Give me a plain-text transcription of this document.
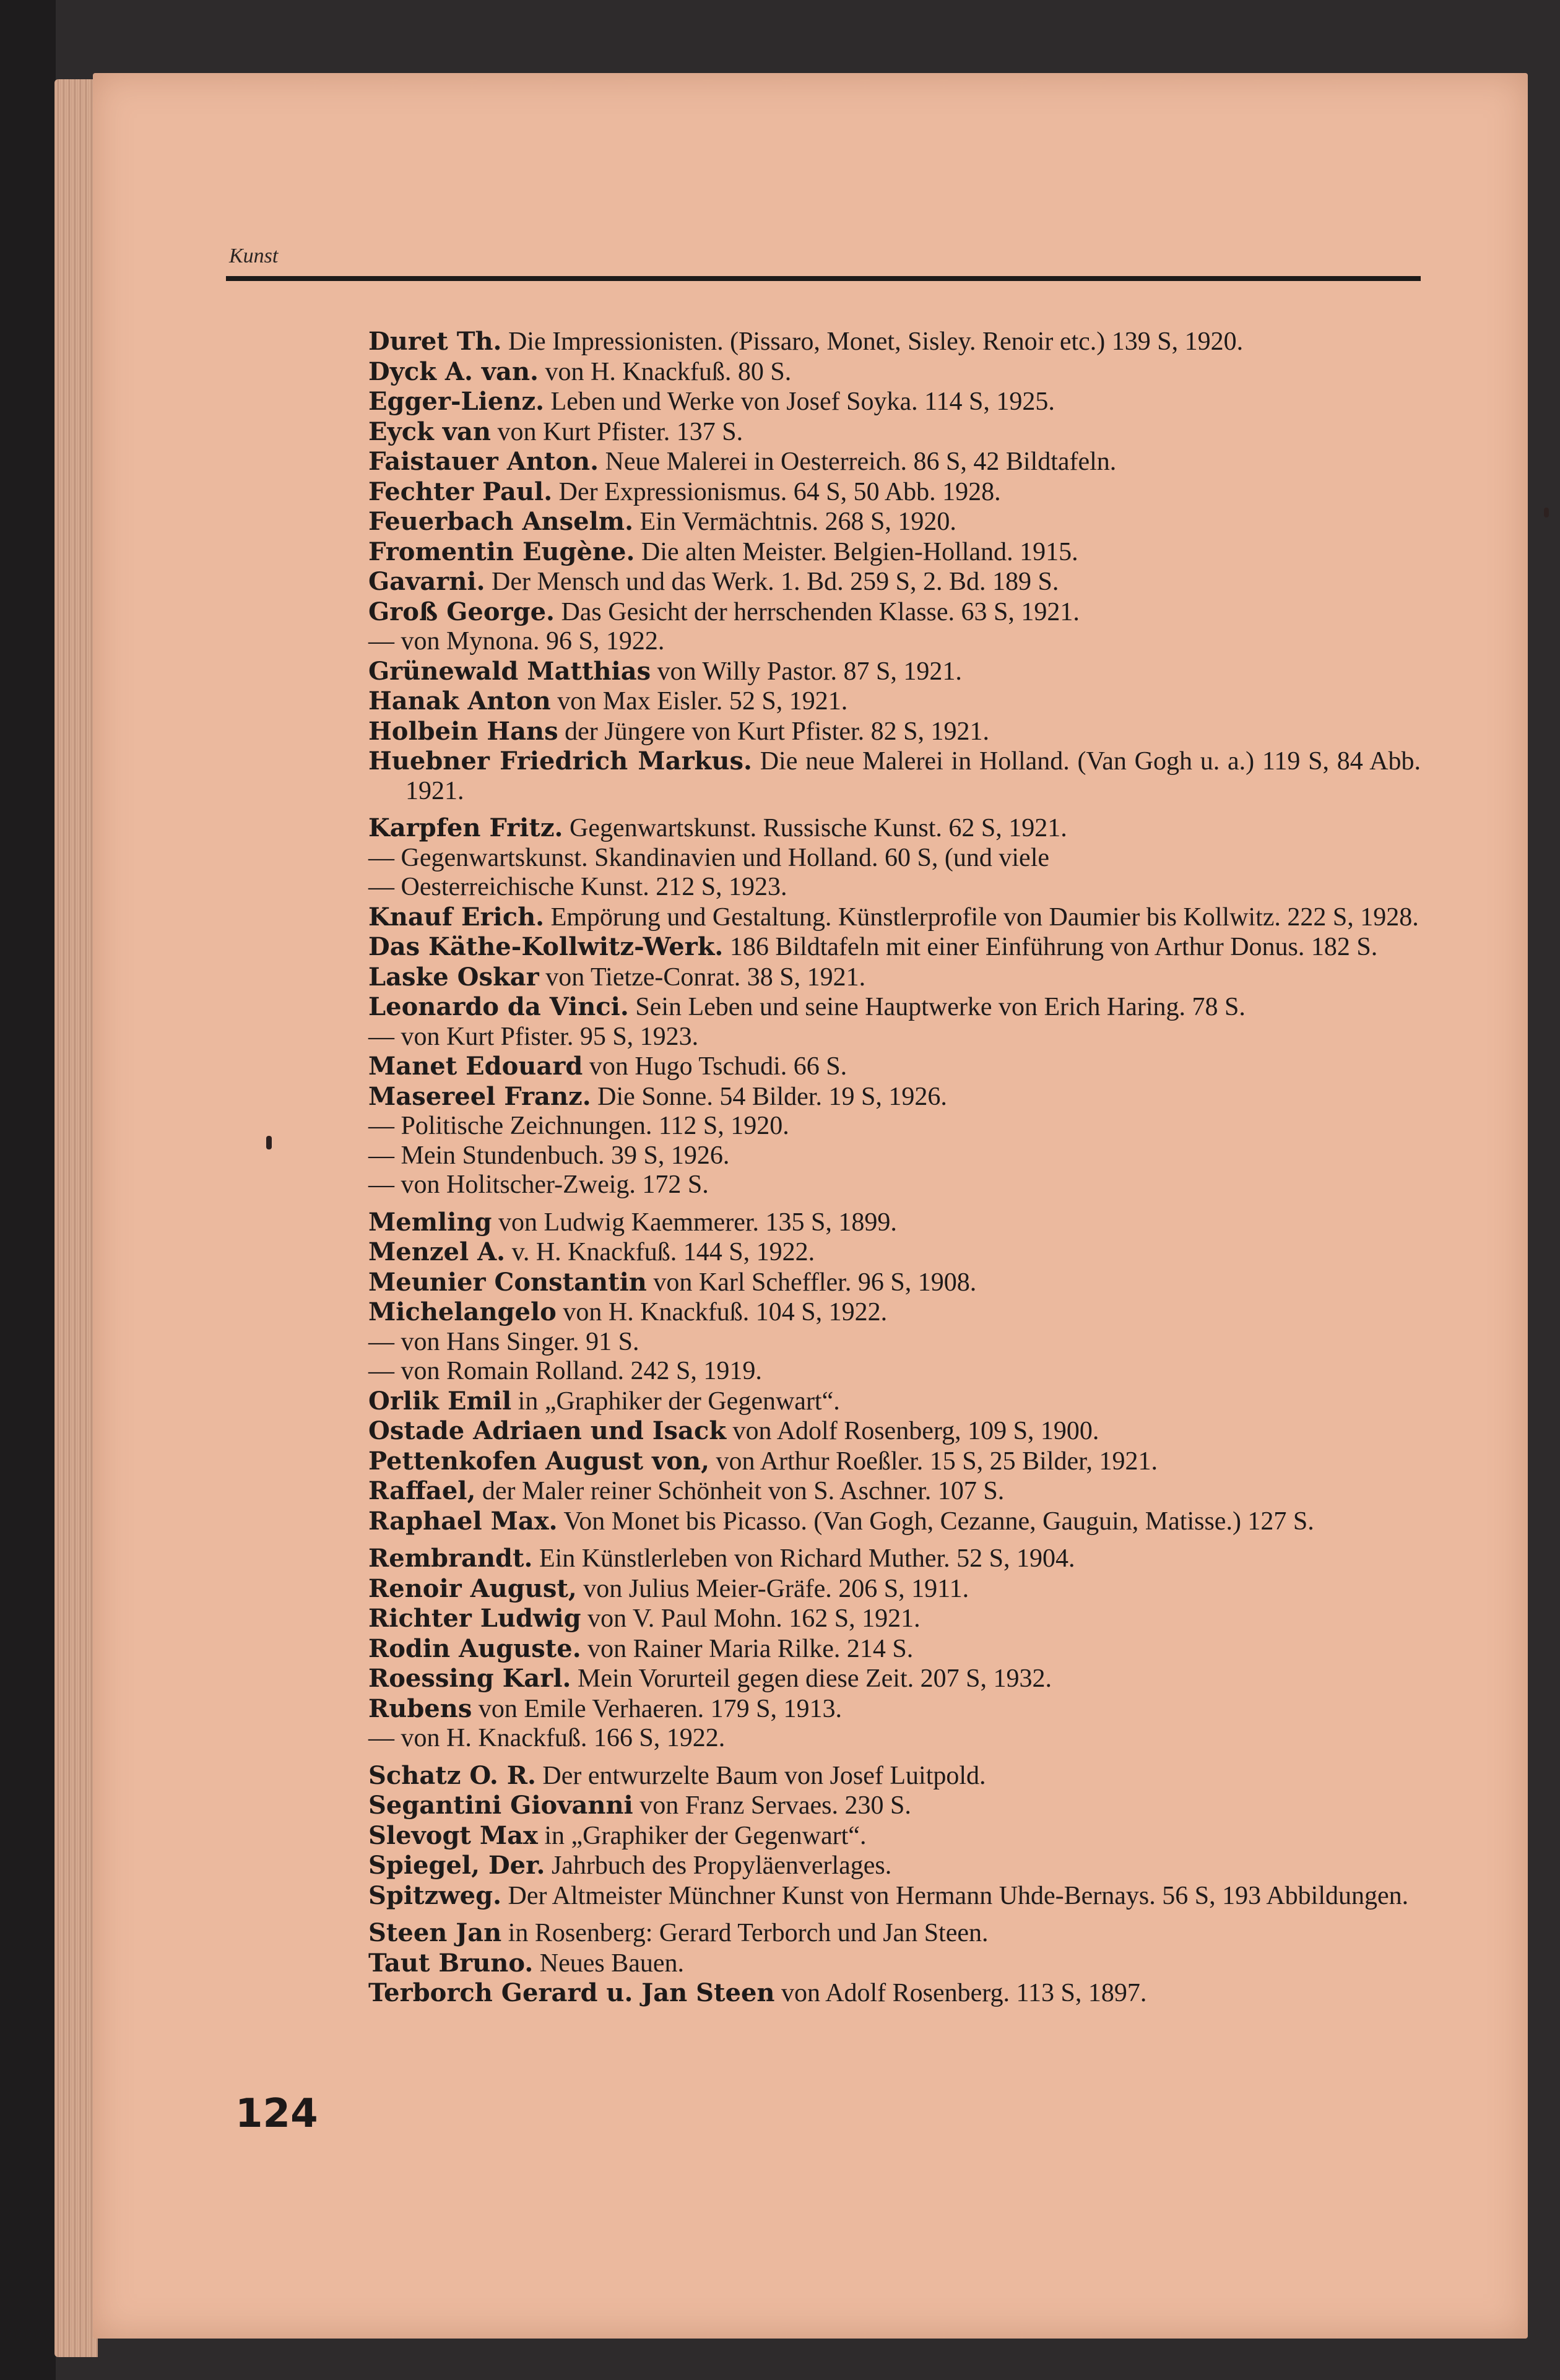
Kunst
Duret Th. Die Impressionisten. (Pissaro, Monet, Sisley. Renoir etc.) 139 S, 1920.
Dyck A. van. von H. Knackfuß. 80 S.
Egger-Lienz. Leben und Werke von Josef Soyka. 114 S, 1925.
Eyck van von Kurt Pfister. 137 S.
Faistauer Anton. Neue Malerei in Oesterreich. 86 S, 42 Bildtafeln.
Fechter Paul. Der Expressionismus. 64 S, 50 Abb. 1928.
Feuerbach Anselm. Ein Vermächtnis. 268 S, 1920.
Fromentin Eugène. Die alten Meister. Belgien-Holland. 1915.
Gavarni. Der Mensch und das Werk. 1. Bd. 259 S, 2. Bd. 189 S.
Groß George. Das Gesicht der herrschenden Klasse. 63 S, 1921.
— von Mynona. 96 S, 1922.
Grünewald Matthias von Willy Pastor. 87 S, 1921.
Hanak Anton von Max Eisler. 52 S, 1921.
Holbein Hans der Jüngere von Kurt Pfister. 82 S, 1921.
Huebner Friedrich Markus. Die neue Malerei in Holland. (Van Gogh u. a.) 119 S, 84 Abb. 1921.
Karpfen Fritz. Gegenwartskunst. Russische Kunst. 62 S, 1921.
— Gegenwartskunst. Skandinavien und Holland. 60 S, (und viele
— Oesterreichische Kunst. 212 S, 1923.
Knauf Erich. Empörung und Gestaltung. Künstlerprofile von Daumier bis Kollwitz. 222 S, 1928.
Das Käthe-Kollwitz-Werk. 186 Bildtafeln mit einer Einführung von Arthur Donus. 182 S.
Laske Oskar von Tietze-Conrat. 38 S, 1921.
Leonardo da Vinci. Sein Leben und seine Hauptwerke von Erich Haring. 78 S.
— von Kurt Pfister. 95 S, 1923.
Manet Edouard von Hugo Tschudi. 66 S.
Masereel Franz. Die Sonne. 54 Bilder. 19 S, 1926.
— Politische Zeichnungen. 112 S, 1920.
— Mein Stundenbuch. 39 S, 1926.
— von Holitscher-Zweig. 172 S.
Memling von Ludwig Kaemmerer. 135 S, 1899.
Menzel A. v. H. Knackfuß. 144 S, 1922.
Meunier Constantin von Karl Scheffler. 96 S, 1908.
Michelangelo von H. Knackfuß. 104 S, 1922.
— von Hans Singer. 91 S.
— von Romain Rolland. 242 S, 1919.
Orlik Emil in „Graphiker der Gegenwart“.
Ostade Adriaen und Isack von Adolf Rosenberg, 109 S, 1900.
Pettenkofen August von, von Arthur Roeßler. 15 S, 25 Bilder, 1921.
Raffael, der Maler reiner Schönheit von S. Aschner. 107 S.
Raphael Max. Von Monet bis Picasso. (Van Gogh, Cezanne, Gauguin, Matisse.) 127 S.
Rembrandt. Ein Künstlerleben von Richard Muther. 52 S, 1904.
Renoir August, von Julius Meier-Gräfe. 206 S, 1911.
Richter Ludwig von V. Paul Mohn. 162 S, 1921.
Rodin Auguste. von Rainer Maria Rilke. 214 S.
Roessing Karl. Mein Vorurteil gegen diese Zeit. 207 S, 1932.
Rubens von Emile Verhaeren. 179 S, 1913.
— von H. Knackfuß. 166 S, 1922.
Schatz O. R. Der entwurzelte Baum von Josef Luitpold.
Segantini Giovanni von Franz Servaes. 230 S.
Slevogt Max in „Graphiker der Gegenwart“.
Spiegel, Der. Jahrbuch des Propyläenverlages.
Spitzweg. Der Altmeister Münchner Kunst von Hermann Uhde-Bernays. 56 S, 193 Abbildungen.
Steen Jan in Rosenberg: Gerard Terborch und Jan Steen.
Taut Bruno. Neues Bauen.
Terborch Gerard u. Jan Steen von Adolf Rosenberg. 113 S, 1897.
124
